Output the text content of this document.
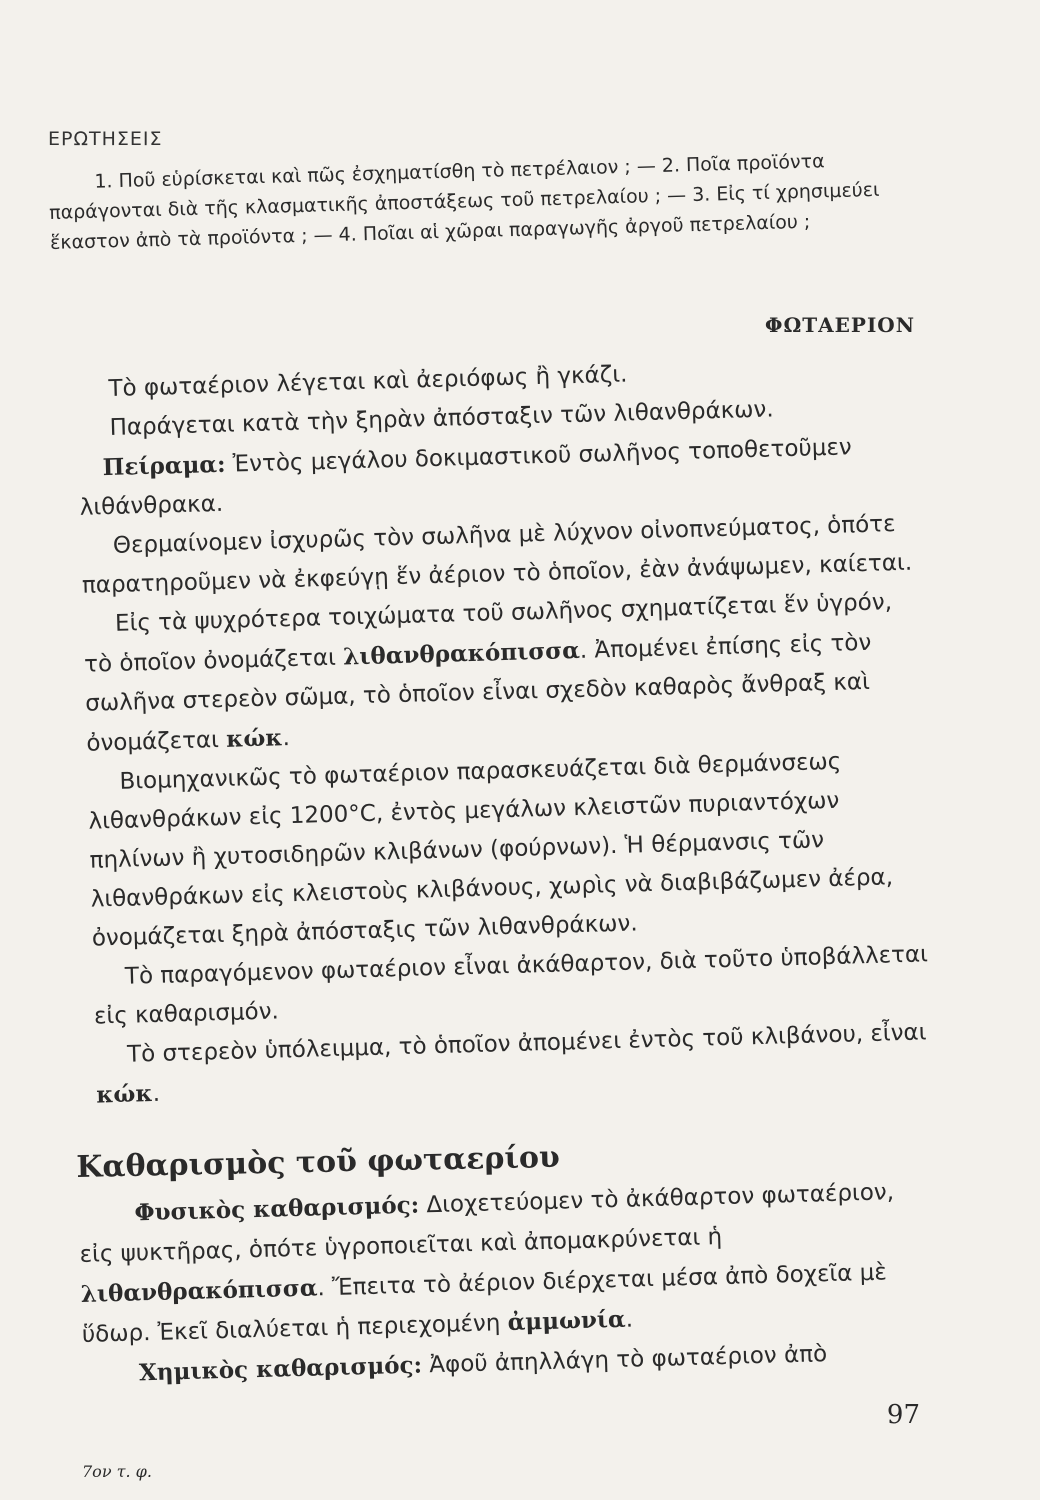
ΕΡΩΤΗΣΕΙΣ

1. Ποῦ εὑρίσκεται καὶ πῶς ἐσχηματίσθη τὸ πετρέλαιον ; — 2. Ποῖα προϊόντα παράγονται διὰ τῆς κλασματικῆς ἀποστάξεως τοῦ πετρελαίου ; — 3. Εἰς τί χρησιμεύει ἕκαστον ἀπὸ τὰ προϊόντα ; — 4. Ποῖαι αἱ χῶραι παραγωγῆς ἀργοῦ πετρελαίου ;

ΦΩΤΑΕΡΙΟΝ

Τὸ φωταέριον λέγεται καὶ ἀεριόφως ἢ γκάζι.

Παράγεται κατὰ τὴν ξηρὰν ἀπόσταξιν τῶν λιθανθράκων.

Πείραμα: Ἐντὸς μεγάλου δοκιμαστικοῦ σωλῆνος τοποθετοῦμεν λιθάνθρακα.

Θερμαίνομεν ἰσχυρῶς τὸν σωλῆνα μὲ λύχνον οἰνοπνεύματος, ὁπότε παρατηροῦμεν νὰ ἐκφεύγῃ ἕν ἀέριον τὸ ὁποῖον, ἐὰν ἀνάψωμεν, καίεται.

Εἰς τὰ ψυχρότερα τοιχώματα τοῦ σωλῆνος σχηματίζεται ἕν ὑγρόν, τὸ ὁποῖον ὀνομάζεται λιθανθρακόπισσα. Ἀπομένει ἐπίσης εἰς τὸν σωλῆνα στερεὸν σῶμα, τὸ ὁποῖον εἶναι σχεδὸν καθαρὸς ἄνθραξ καὶ ὀνομάζεται κώκ.

Βιομηχανικῶς τὸ φωταέριον παρασκευάζεται διὰ θερμάνσεως λιθανθράκων εἰς 1200°C, ἐντὸς μεγάλων κλειστῶν πυριαντόχων πηλίνων ἢ χυτοσιδηρῶν κλιβάνων (φούρνων). Ἡ θέρμανσις τῶν λιθανθράκων εἰς κλειστοὺς κλιβάνους, χωρὶς νὰ διαβιβάζωμεν ἀέρα, ὀνομάζεται ξηρὰ ἀπόσταξις τῶν λιθανθράκων.

Τὸ παραγόμενον φωταέριον εἶναι ἀκάθαρτον, διὰ τοῦτο ὑποβάλλεται εἰς καθαρισμόν.

Τὸ στερεὸν ὑπόλειμμα, τὸ ὁποῖον ἀπομένει ἐντὸς τοῦ κλιβάνου, εἶναι κώκ.

Καθαρισμὸς τοῦ φωταερίου

Φυσικὸς καθαρισμός: Διοχετεύομεν τὸ ἀκάθαρτον φωταέριον, εἰς ψυκτῆρας, ὁπότε ὑγροποιεῖται καὶ ἀπομακρύνεται ἡ λιθανθρακόπισσα. Ἔπειτα τὸ ἀέριον διέρχεται μέσα ἀπὸ δοχεῖα μὲ ὕδωρ. Ἐκεῖ διαλύεται ἡ περιεχομένη ἀμμωνία.

Χημικὸς καθαρισμός: Ἀφοῦ ἀπηλλάγη τὸ φωταέριον ἀπὸ

97
7ον τ. φ.
